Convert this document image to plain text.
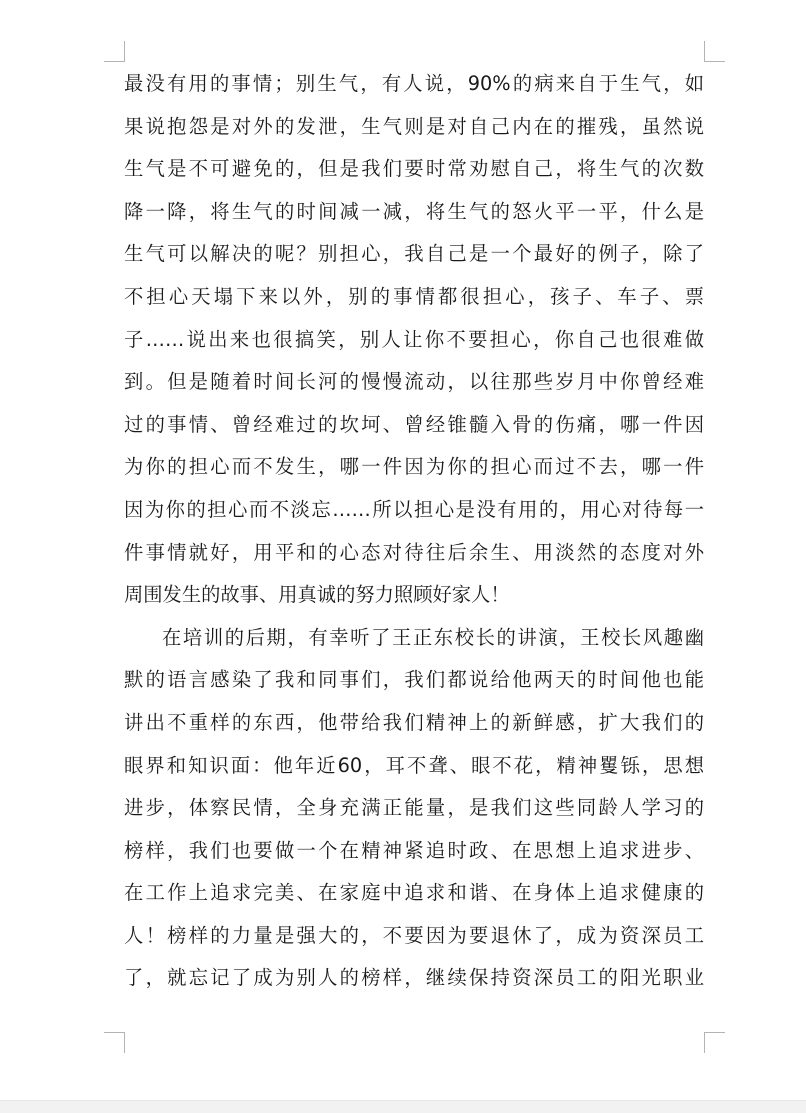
最没有用的事情；别生气，有人说，90%的病来自于生气，如
果说抱怨是对外的发泄，生气则是对自己内在的摧残，虽然说
生气是不可避免的，但是我们要时常劝慰自己，将生气的次数
降一降，将生气的时间减一减，将生气的怒火平一平，什么是
生气可以解决的呢？别担心，我自己是一个最好的例子，除了
不担心天塌下来以外，别的事情都很担心，孩子、车子、票
子……说出来也很搞笑，别人让你不要担心，你自己也很难做
到。但是随着时间长河的慢慢流动，以往那些岁月中你曾经难
过的事情、曾经难过的坎坷、曾经锥髓入骨的伤痛，哪一件因
为你的担心而不发生，哪一件因为你的担心而过不去，哪一件
因为你的担心而不淡忘……所以担心是没有用的，用心对待每一
件事情就好，用平和的心态对待往后余生、用淡然的态度对外
周围发生的故事、用真诚的努力照顾好家人！
在培训的后期，有幸听了王正东校长的讲演，王校长风趣幽
默的语言感染了我和同事们，我们都说给他两天的时间他也能
讲出不重样的东西，他带给我们精神上的新鲜感，扩大我们的
眼界和知识面：他年近60，耳不聋、眼不花，精神矍铄，思想
进步，体察民情，全身充满正能量，是我们这些同龄人学习的
榜样，我们也要做一个在精神紧追时政、在思想上追求进步、
在工作上追求完美、在家庭中追求和谐、在身体上追求健康的
人！榜样的力量是强大的，不要因为要退休了，成为资深员工
了，就忘记了成为别人的榜样，继续保持资深员工的阳光职业
